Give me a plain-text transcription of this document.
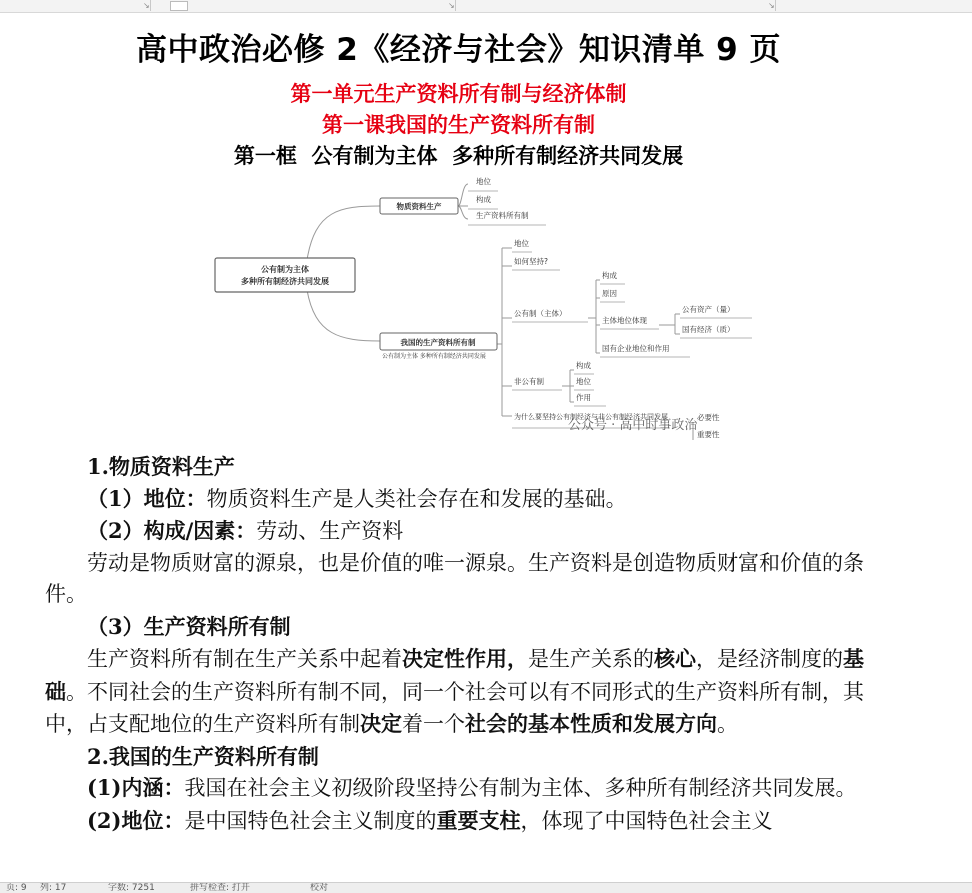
↘	↘	↘
高中政治必修 2《经济与社会》知识清单 9 页
第一单元生产资料所有制与经济体制
第一课我国的生产资料所有制
第一框  公有制为主体  多种所有制经济共同发展
公有制为主体
多种所有制经济共同发展
物质资料生产
地位
构成
生产资料所有制
我国的生产资料所有制
公有制为主体 多种所有制经济共同发展
地位
如何坚持?
公有制（主体）
非公有制
构成
原因
主体地位体现
国有企业地位和作用
公有资产（量）
国有经济（质）
构成
地位
作用
为什么要坚持公有制经济与非公有制经济共同发展	必要性
重要性
公众号 · 高中时事政治

1.物质资料生产

（1）地位：物质资料生产是人类社会存在和发展的基础。

（2）构成/因素：劳动、生产资料

劳动是物质财富的源泉，也是价值的唯一源泉。生产资料是创造物质财富和价值的条件。

（3）生产资料所有制

生产资料所有制在生产关系中起着决定性作用，是生产关系的核心，是经济制度的基础。不同社会的生产资料所有制不同，同一个社会可以有不同形式的生产资料所有制，其中，占支配地位的生产资料所有制决定着一个社会的基本性质和发展方向。

2.我国的生产资料所有制

(1)内涵：我国在社会主义初级阶段坚持公有制为主体、多种所有制经济共同发展。

(2)地位：是中国特色社会主义制度的重要支柱，体现了中国特色社会主义

页: 9 列: 17	字数: 7251	拼写检查: 打开	校对
